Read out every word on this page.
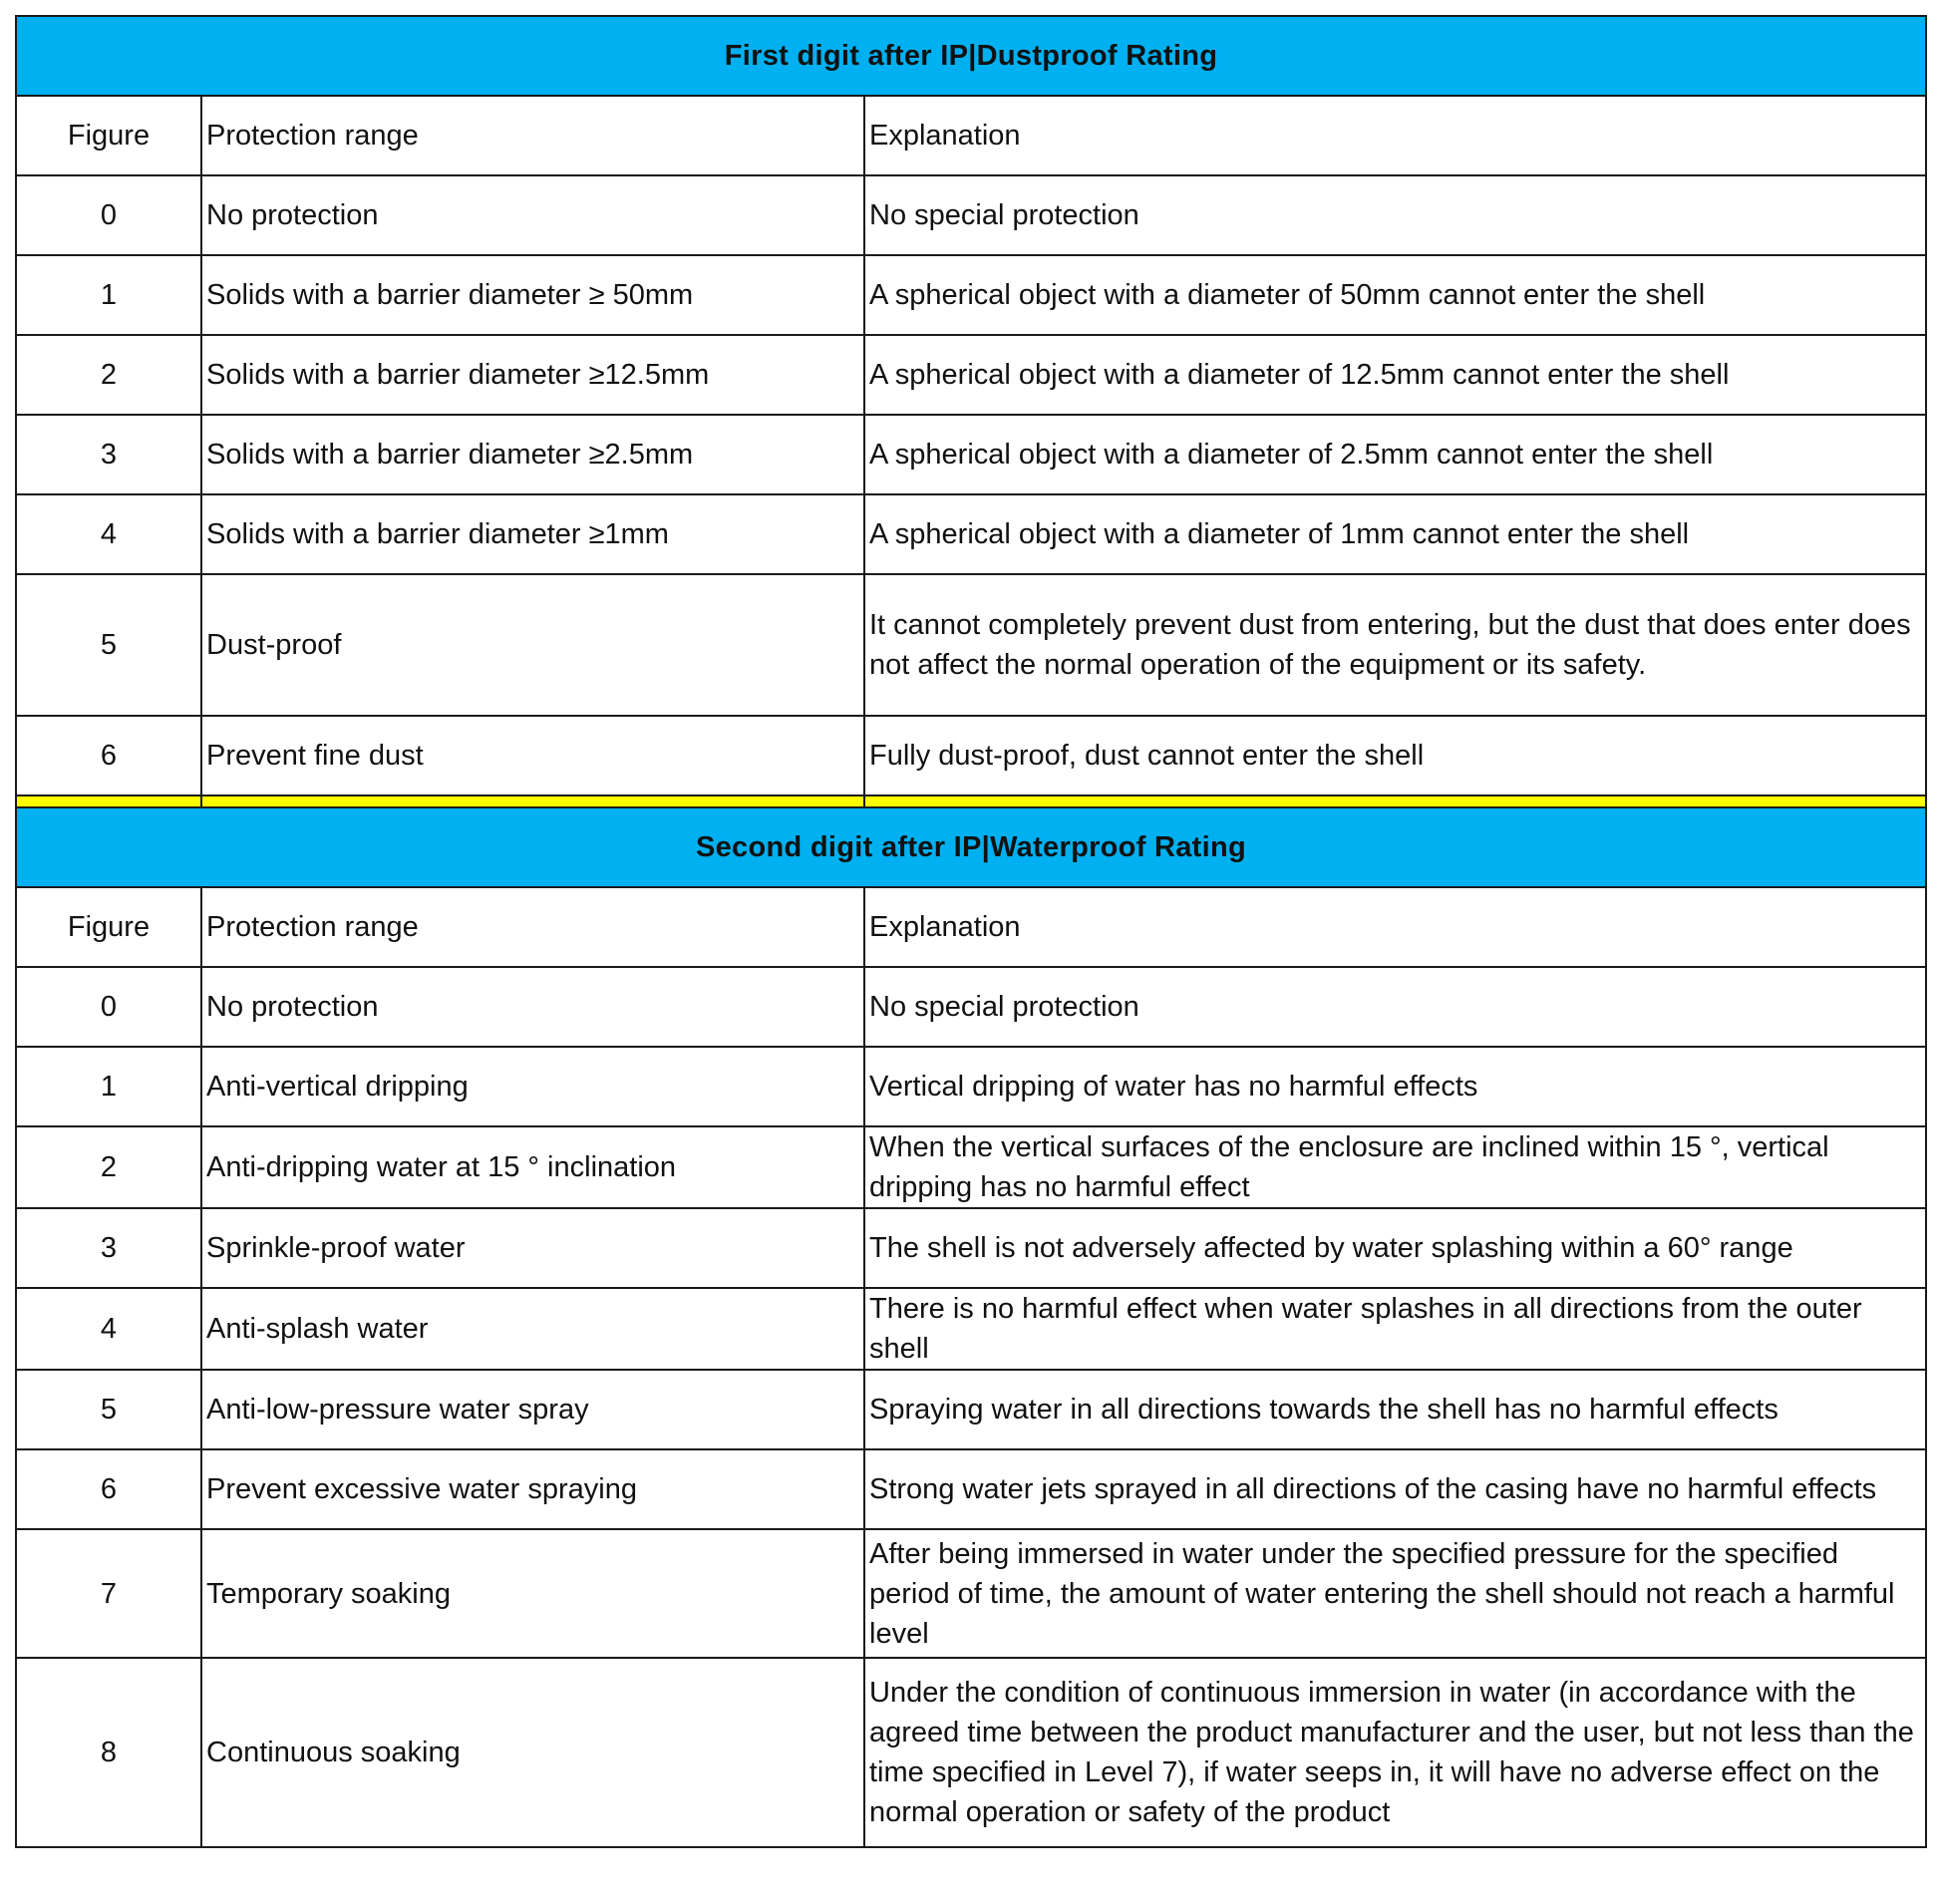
First digit after IP|Dustproof Rating		
Figure	Protection range	Explanation
0	No protection	No special protection
1	Solids with a barrier diameter ≥ 50mm	A spherical object with a diameter of 50mm cannot enter the shell
2	Solids with a barrier diameter ≥12.5mm	A spherical object with a diameter of 12.5mm cannot enter the shell
3	Solids with a barrier diameter ≥2.5mm	A spherical object with a diameter of 2.5mm cannot enter the shell
4	Solids with a barrier diameter ≥1mm	A spherical object with a diameter of 1mm cannot enter the shell
5	Dust-proof	It cannot completely prevent dust from entering, but the dust that does enter does not affect the normal operation of the equipment or its safety.
6	Prevent fine dust	Fully dust-proof, dust cannot enter the shell

Second digit after IP|Waterproof Rating		
Figure	Protection range	Explanation
0	No protection	No special protection
1	Anti-vertical dripping	Vertical dripping of water has no harmful effects
2	Anti-dripping water at 15 ° inclination	When the vertical surfaces of the enclosure are inclined within 15 °, vertical dripping has no harmful effect
3	Sprinkle-proof water	The shell is not adversely affected by water splashing within a 60° range
4	Anti-splash water	There is no harmful effect when water splashes in all directions from the outer shell
5	Anti-low-pressure water spray	Spraying water in all directions towards the shell has no harmful effects
6	Prevent excessive water spraying	Strong water jets sprayed in all directions of the casing have no harmful effects
7	Temporary soaking	After being immersed in water under the specified pressure for the specified period of time, the amount of water entering the shell should not reach a harmful level
8	Continuous soaking	Under the condition of continuous immersion in water (in accordance with the agreed time between the product manufacturer and the user, but not less than the time specified in Level 7), if water seeps in, it will have no adverse effect on the normal operation or safety of the product
